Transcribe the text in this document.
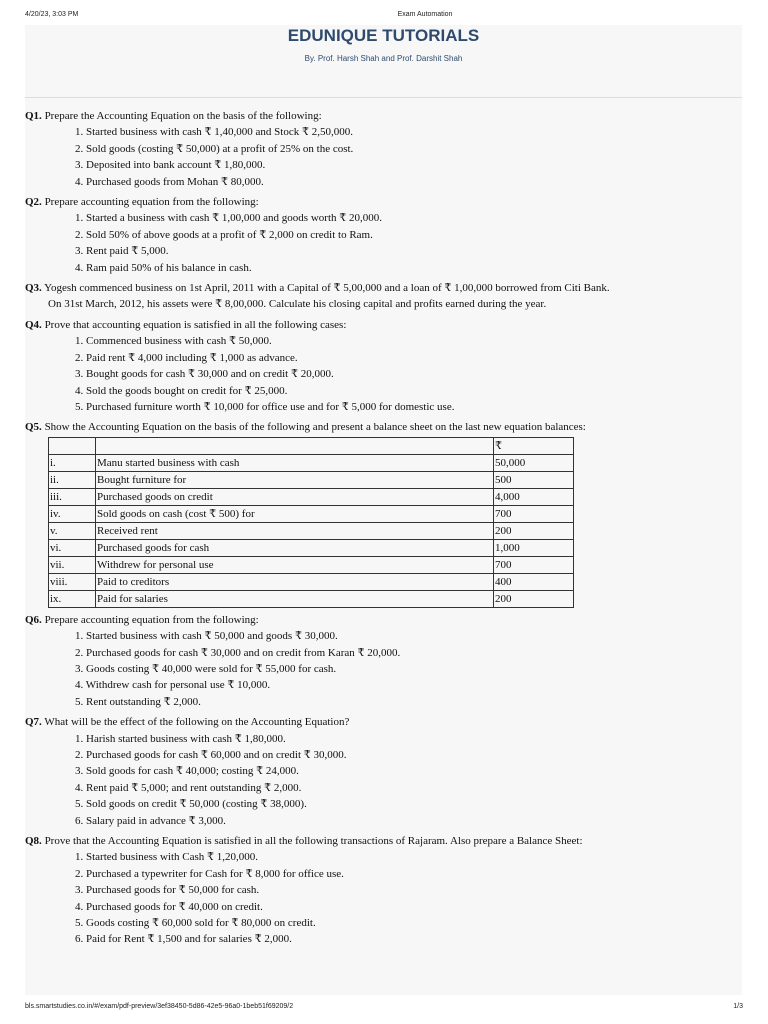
4/20/23, 3:03 PM	Exam Automation
EDUNIQUE TUTORIALS
By. Prof. Harsh Shah and Prof. Darshit Shah
Q1. Prepare the Accounting Equation on the basis of the following:
1. Started business with cash ₹ 1,40,000 and Stock ₹ 2,50,000.
2. Sold goods (costing ₹ 50,000) at a profit of 25% on the cost.
3. Deposited into bank account ₹ 1,80,000.
4. Purchased goods from Mohan ₹ 80,000.
Q2. Prepare accounting equation from the following:
1. Started a business with cash ₹ 1,00,000 and goods worth ₹ 20,000.
2. Sold 50% of above goods at a profit of ₹ 2,000 on credit to Ram.
3. Rent paid ₹ 5,000.
4. Ram paid 50% of his balance in cash.
Q3. Yogesh commenced business on 1st April, 2011 with a Capital of ₹ 5,00,000 and a loan of ₹ 1,00,000 borrowed from Citi Bank.
On 31st March, 2012, his assets were ₹ 8,00,000. Calculate his closing capital and profits earned during the year.
Q4. Prove that accounting equation is satisfied in all the following cases:
1. Commenced business with cash ₹ 50,000.
2. Paid rent ₹ 4,000 including ₹ 1,000 as advance.
3. Bought goods for cash ₹ 30,000 and on credit ₹ 20,000.
4. Sold the goods bought on credit for ₹ 25,000.
5. Purchased furniture worth ₹ 10,000 for office use and for ₹ 5,000 for domestic use.
Q5. Show the Accounting Equation on the basis of the following and present a balance sheet on the last new equation balances:
		₹
i.	Manu started business with cash	50,000
ii.	Bought furniture for	500
iii.	Purchased goods on credit	4,000
iv.	Sold goods on cash (cost ₹ 500) for	700
v.	Received rent	200
vi.	Purchased goods for cash	1,000
vii.	Withdrew for personal use	700
viii.	Paid to creditors	400
ix.	Paid for salaries	200
Q6. Prepare accounting equation from the following:
1. Started business with cash ₹ 50,000 and goods ₹ 30,000.
2. Purchased goods for cash ₹ 30,000 and on credit from Karan ₹ 20,000.
3. Goods costing ₹ 40,000 were sold for ₹ 55,000 for cash.
4. Withdrew cash for personal use ₹ 10,000.
5. Rent outstanding ₹ 2,000.
Q7. What will be the effect of the following on the Accounting Equation?
1. Harish started business with cash ₹ 1,80,000.
2. Purchased goods for cash ₹ 60,000 and on credit ₹ 30,000.
3. Sold goods for cash ₹ 40,000; costing ₹ 24,000.
4. Rent paid ₹ 5,000; and rent outstanding ₹ 2,000.
5. Sold goods on credit ₹ 50,000 (costing ₹ 38,000).
6. Salary paid in advance ₹ 3,000.
Q8. Prove that the Accounting Equation is satisfied in all the following transactions of Rajaram. Also prepare a Balance Sheet:
1. Started business with Cash ₹ 1,20,000.
2. Purchased a typewriter for Cash for ₹ 8,000 for office use.
3. Purchased goods for ₹ 50,000 for cash.
4. Purchased goods for ₹ 40,000 on credit.
5. Goods costing ₹ 60,000 sold for ₹ 80,000 on credit.
6. Paid for Rent ₹ 1,500 and for salaries ₹ 2,000.
bls.smartstudies.co.in/#/exam/pdf-preview/3ef38450-5d86-42e5-96a0-1beb51f69209/2	1/3
